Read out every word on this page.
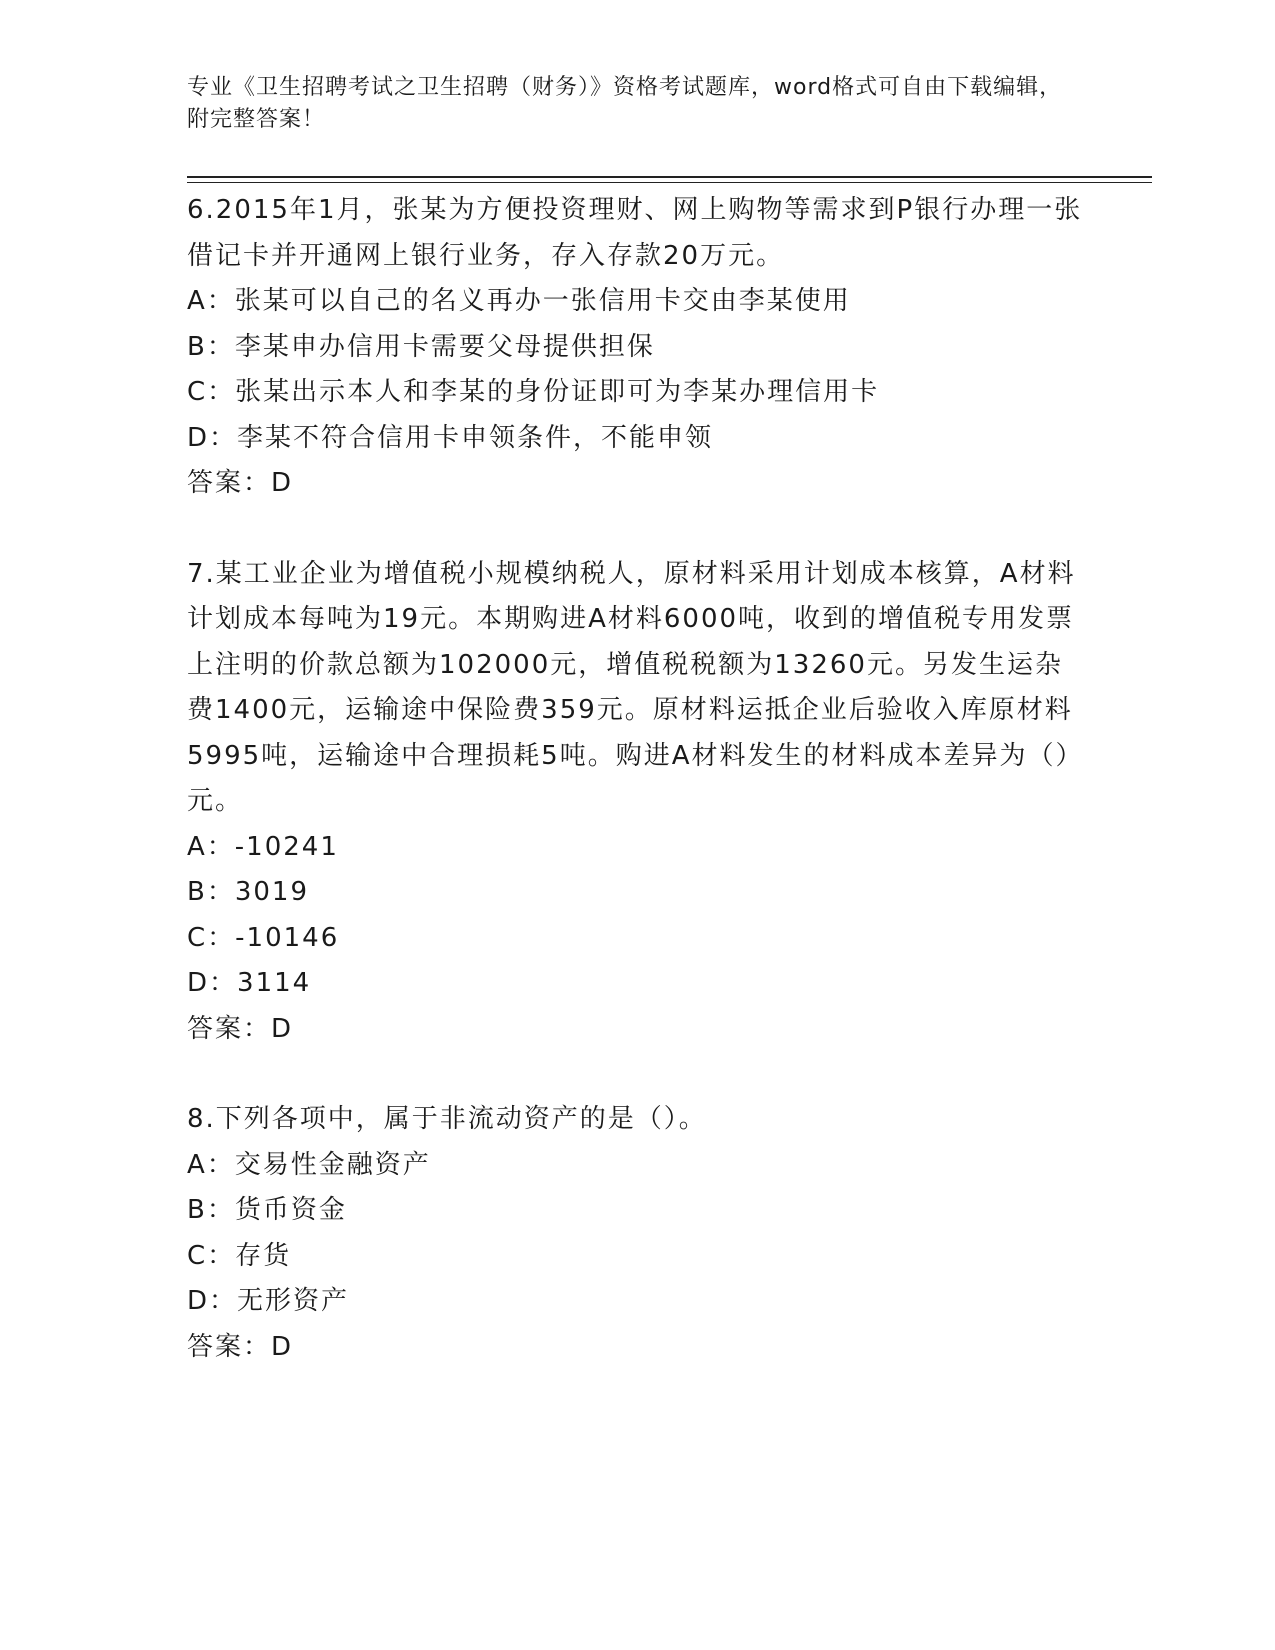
专业《卫生招聘考试之卫生招聘（财务）》资格考试题库，word格式可自由下载编辑，附完整答案！

6.2015年1月，张某为方便投资理财、网上购物等需求到P银行办理一张借记卡并开通网上银行业务，存入存款20万元。

A：张某可以自己的名义再办一张信用卡交由李某使用

B：李某申办信用卡需要父母提供担保

C：张某出示本人和李某的身份证即可为李某办理信用卡

D：李某不符合信用卡申领条件，不能申领

答案：D

7.某工业企业为增值税小规模纳税人，原材料采用计划成本核算，A材料计划成本每吨为19元。本期购进A材料6000吨，收到的增值税专用发票上注明的价款总额为102000元，增值税税额为13260元。另发生运杂费1400元，运输途中保险费359元。原材料运抵企业后验收入库原材料5995吨，运输途中合理损耗5吨。购进A材料发生的材料成本差异为（）元。

A：-10241

B：3019

C：-10146

D：3114

答案：D

8.下列各项中，属于非流动资产的是（）。

A：交易性金融资产

B：货币资金

C：存货

D：无形资产

答案：D
